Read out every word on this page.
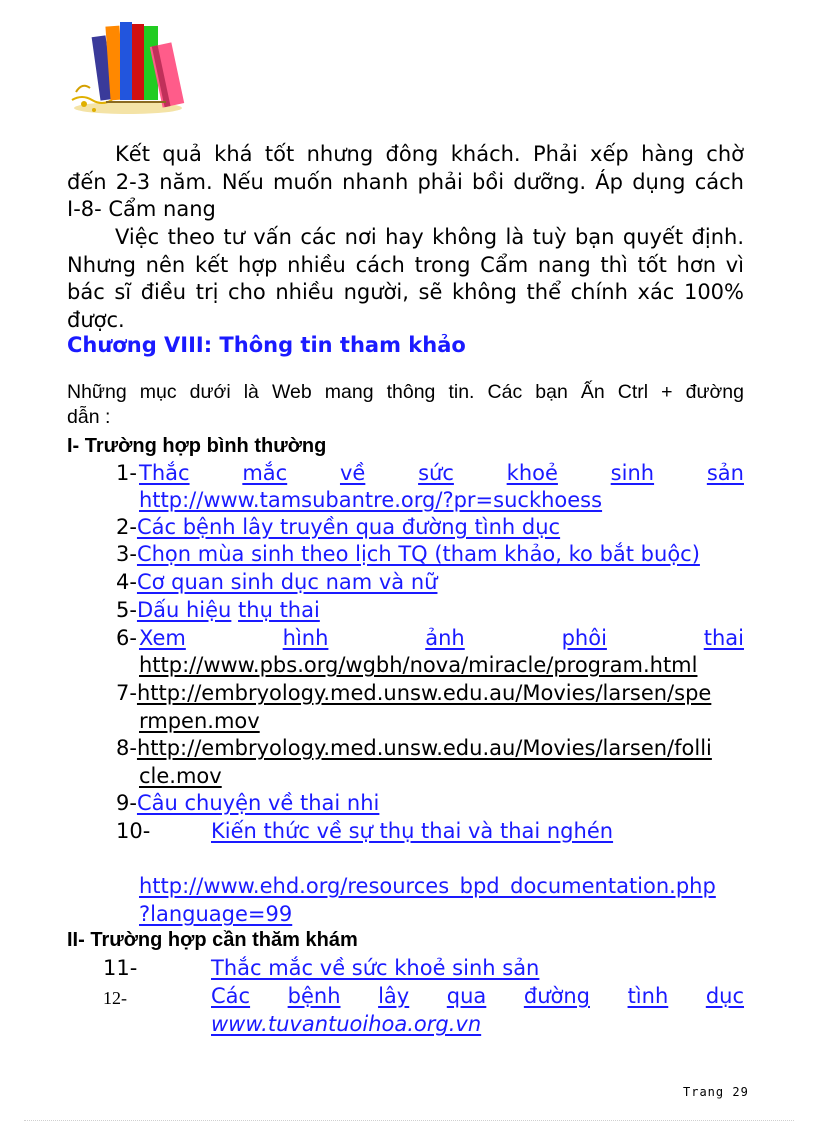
Kết quả khá tốt nhưng đông khách. Phải xếp hàng chờ
đến 2-3 năm. Nếu muốn nhanh phải bồi dưỡng. Áp dụng cách
I-8- Cẩm nang
Việc theo tư vấn các nơi hay không là tuỳ bạn quyết định.
Nhưng nên kết hợp nhiều cách trong Cẩm nang thì tốt hơn vì
bác sĩ điều trị cho nhiều người, sẽ không thể chính xác 100%
được.
Chương VIII: Thông tin tham khảo
Những mục dưới là Web mang thông tin. Các bạn Ấn Ctrl + đường
dẫn :
I- Trường hợp bình thường
1- Thắc	mắc	về	sức	khoẻ	sinh	sản
http://www.tamsubantre.org/?pr=suckhoess
2-Các bệnh lây truyền qua đường tình dục
3-Chọn mùa sinh theo lịch TQ (tham khảo, ko bắt buộc)
4-Cơ quan sinh dục nam và nữ
5-Dấu hiệu thụ thai
6- Xem	hình	ảnh	phôi	thai
http://www.pbs.org/wgbh/nova/miracle/program.html
7-http://embryology.med.unsw.edu.au/Movies/larsen/spe
rmpen.mov
8-http://embryology.med.unsw.edu.au/Movies/larsen/folli
cle.mov
9-Câu chuyện về thai nhi
10-	Kiến thức về sự thụ thai và thai nghén
http://www.ehd.org/resources_bpd_documentation.php
?language=99
II- Trường hợp cần thăm khám
11-	Thắc mắc về sức khoẻ sinh sản
12-	Các bệnh lây qua đường tình dục
www.tuvantuoihoa.org.vn
Trang 29
